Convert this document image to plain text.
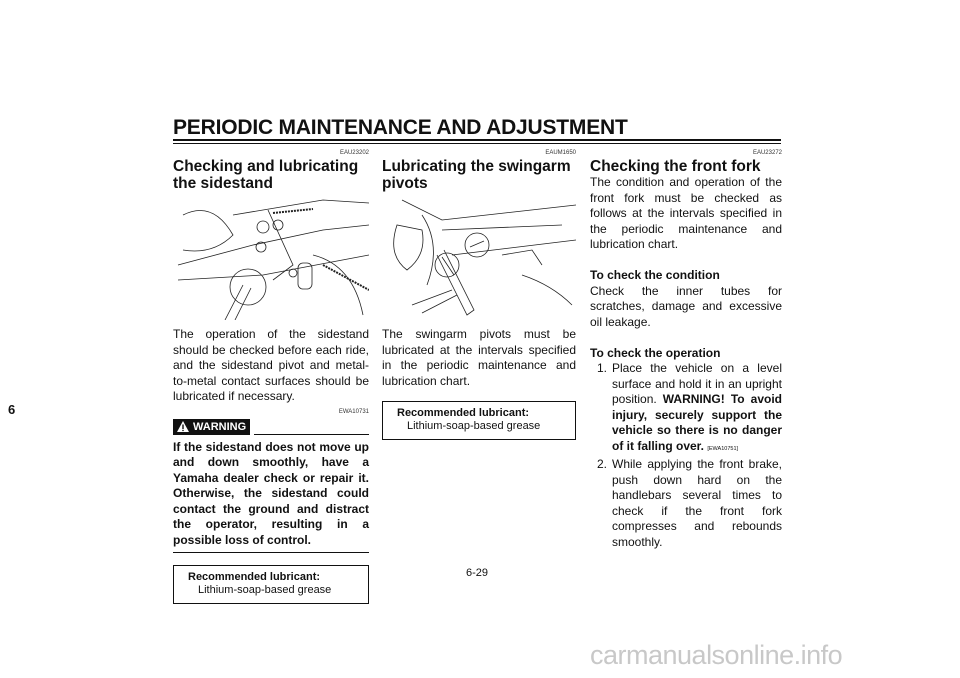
PERIODIC MAINTENANCE AND ADJUSTMENT
6
EAU23202
Checking and lubricating the sidestand
The operation of the sidestand should be checked before each ride, and the sidestand pivot and metal-to-metal contact surfaces should be lubricated if necessary.
EWA10731
WARNING
If the sidestand does not move up and down smoothly, have a Yamaha dealer check or repair it. Otherwise, the sidestand could contact the ground and distract the operator, resulting in a possible loss of control.
Recommended lubricant:
Lithium-soap-based grease
EAUM1650
Lubricating the swingarm pivots
The swingarm pivots must be lubricated at the intervals specified in the periodic maintenance and lubrication chart.
Recommended lubricant:
Lithium-soap-based grease
EAU23272
Checking the front fork
The condition and operation of the front fork must be checked as follows at the intervals specified in the periodic maintenance and lubrication chart.
To check the condition
Check the inner tubes for scratches, damage and excessive oil leakage.
To check the operation
1. Place the vehicle on a level surface and hold it in an upright position. WARNING! To avoid injury, securely support the vehicle so there is no danger of it falling over. [EWA10751]
2. While applying the front brake, push down hard on the handlebars several times to check if the front fork compresses and rebounds smoothly.
6-29
carmanualsonline.info
